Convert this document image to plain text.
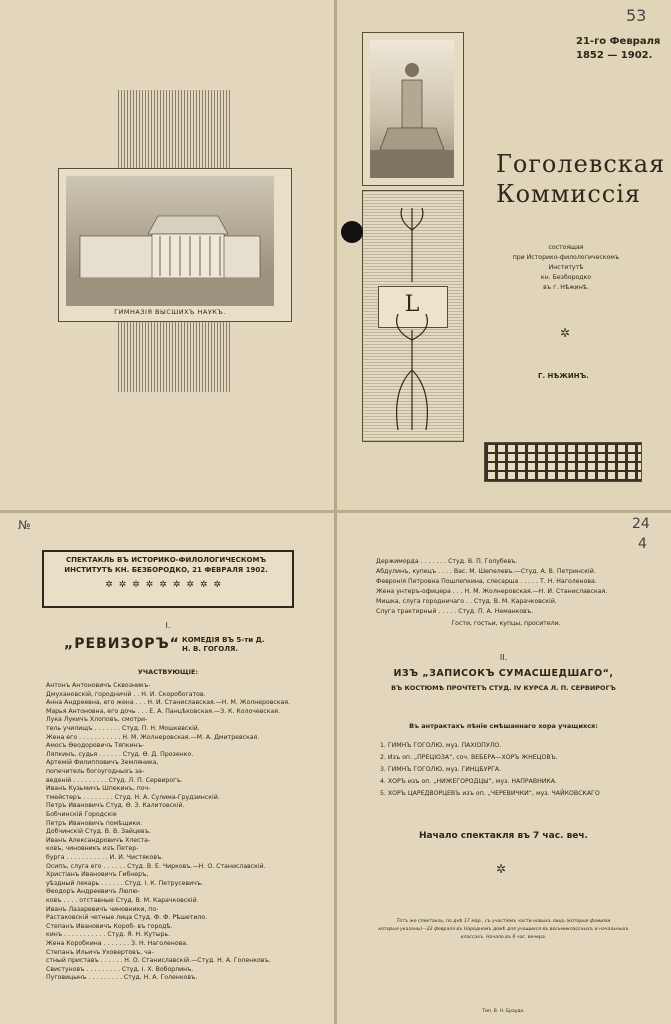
ГИМНАЗІЯ ВЫСШИХЪ НАУКЪ.
53
21-го Февраля
1852 — 1902.
L
Гоголевская
Коммиссія
состоящая
при Историко-филологическомъ
Институтѣ
кн. Безбородко
въ г. Нѣжинѣ.
✲
Г. НѢЖИНЪ.
№
СПЕКТАКЛЬ ВЪ ИСТОРИКО-ФИЛОЛОГИЧЕСКОМЪ
ИНСТИТУТѢ КН. БЕЗБОРОДКО, 21 ФЕВРАЛЯ 1902.
✲✲✲✲✲✲✲✲✲
I.
„РЕВИЗОРЪ“ КОМЕДІЯ ВЪ 5-ти Д.
Н. В. ГОГОЛЯ.
УЧАСТВУЮЩІЕ:
Антонъ Антоновичъ Сквозникъ-
Дмухановскій, городничій . . Н. И. Скоробогатов.
Анна Андреевна, его жена . . . Н. И. Станиславская.—Н. М. Жолнеровская.
Марья Антоновна, его дочь . . . Е. А. Панцѣковская.—З. К. Колочевская.
Лука Лукичъ Хлоповъ, смотри-
тель училищъ . . . . . . . Студ. П. Н. Мошкевскій.
Жена его . . . . . . . . . . . Н. М. Жолнеровская.—М. А. Дмитревская.
Амосъ Ѳеодоровичъ Тяпкинъ-
Ляпкинъ, судья . . . . . . Студ. Ѳ. Д. Прозенко.
Артемій Филипповичъ Земляника,
попечитель богоугодныхъ за-
веденій . . . . . . . . . Студ. Л. П. Сервирогъ.
Иванъ Кузьмичъ Шпекинъ, поч-
тмейстеръ . . . . . . . . Студ. Н. А. Сулима-Грудзинскій.
Петръ Ивановичъ Студ. Ѳ. З. Калитовскій.
Бобчинскій Городскіе
Петръ Ивановичъ помѣщики.
Добчинскій Студ. В. В. Зайцевъ.
Иванъ Александровичъ Хлеста-
ковъ, чиновникъ изъ Петер-
бурга . . . . . . . . . . . И. И. Чистяковъ.
Осипъ, слуга его . . . . . . Студ. В. Е. Чирковъ.—Н. О. Станиславскій.
Христіанъ Ивановичъ Гибнеръ,
уѣздный лекарь . . . . . . Студ. І. К. Петрусевичъ.
Ѳеодоръ Андреевичъ Люлю-
ковъ . . . . отставные Студ. В. М. Карачковскій.
Иванъ Лазаревичъ чиновники, по-
Растаковскій четные лица Студ. Ф. Ф. Рѣшетило.
Степанъ Ивановичъ Короб- въ городѣ.
кинъ . . . . . . . . . . . Студ. Я. Н. Кутырь.
Жена Коробкина . . . . . . . З. Н. Наголенова.
Степанъ Ильичъ Уховертовъ, ча-
стный приставъ . . . . . . Н. О. Станиславскій.—Студ. Н. А. Голенковъ.
Свистуновъ . . . . . . . . . Студ. І. Х. Воборлинъ.
Пуговицынъ . . . . . . . . . Студ. Н. А. Голенковъ.
24
4
Держиморда . . . . . . . Студ. В. П. Голубевъ.
Абдулинъ, купецъ . . . . Вас. М. Шепелевъ.—Студ. А. В. Петринскій.
Февронія Петровна Пошлепкина, слесарша . . . . . Т. Н. Наголенова.
Жена унтеръ-офицера . . . Н. М. Жолнеровская.—Н. И. Станиславская.
Мишка, слуга городничаго . . Студ. В. М. Карачковскій.
Слуга трактирный . . . . . Студ. П. А. Неманковъ.
Гости, гостьи, купцы, просители.
II.
ИЗЪ „ЗАПИСОКЪ СУМАСШЕДШАГО“,
ВЪ КОСТЮМѢ ПРОЧТЕТЪ СТУД. IV КУРСА Л. П. СЕРВИРОГЪ
Въ антрактахъ пѣніе смѣшаннаго хора учащихся:
1. ГИМНЪ ГОГОЛЮ, муз. ПАХІОПУЛО.
2. Изъ оп. „ПРЕЦІОЗА“, соч. ВЕБЕРА—ХОРЪ ЖНЕЦОВЪ.
3. ГИМНЪ ГОГОЛЮ, муз. ГИНЦБУРГА.
4. ХОРЪ изъ оп. „НИЖЕГОРОДЦЫ“, муз. НАПРАВНИКА.
5. ХОРЪ ЦАРЕДВОРЦЕВЪ изъ оп. „ЧЕРЕВИЧКИ“, муз. ЧАЙКОВСКАГО
Начало спектакля въ 7 час. веч.
✲
Тотъ же спектакль, по днѣ 17 мар., съ участіемъ части новыхъ лицъ (которыя фамиліи
которыя указаны)—22 февраля въ Народномъ домѣ для учащихся въ восьмиклассныхъ и начальныхъ
классахъ. Начало въ 6 час. вечера.
Тип. В. Н. Брауде.
